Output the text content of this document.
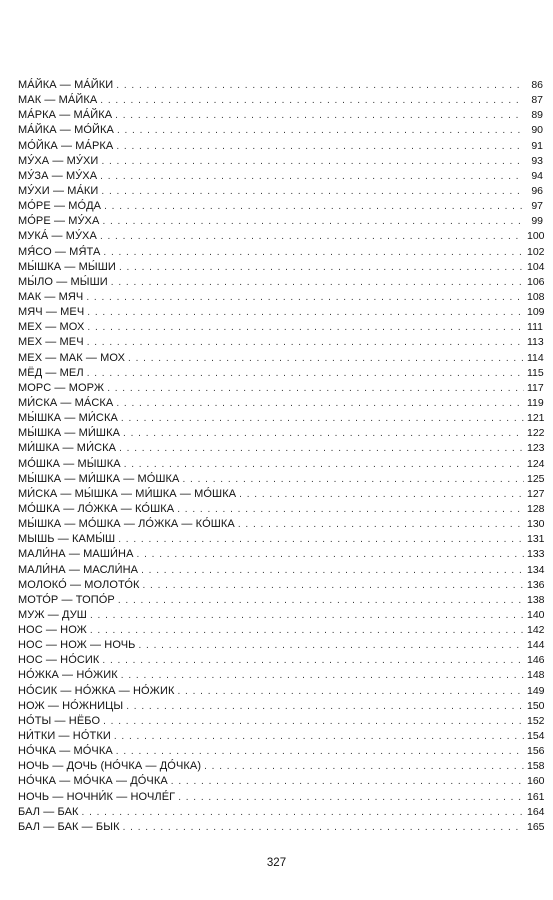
МА́ЙКА — МА́ЙКИ . . .	86
МАК — МА́ЙКА . . .	87
МА́РКА — МА́ЙКА . . .	89
МА́ЙКА — МО́ЙКА . . .	90
МО́ЙКА — МА́РКА . . .	91
МУ́ХА — МУ́ХИ . . .	93
МУ́ЗА — МУ́ХА . . .	94
МУ́ХИ — МА́КИ . . .	96
МО́РЕ — МО́ДА . . .	97
МО́РЕ — МУ́ХА . . .	99
МУКА́ — МУ́ХА . . .	100
МЯ́СО — МЯ́ТА . . .	102
МЫ́ШКА — МЫ́ШИ . . .	104
МЫ́ЛО — МЫ́ШИ . . .	106
МАК — МЯЧ . . .	108
МЯЧ — МЕЧ . . .	109
МЕХ — МОХ . . .	111
МЕХ — МЕЧ . . .	113
МЕХ — МАК — МОХ . . .	114
МЁД — МЕЛ . . .	115
МОРС — МОРЖ . . .	117
МИ́СКА — МА́СКА . . .	119
МЫ́ШКА — МИ́СКА . . .	121
МЫ́ШКА — МИ́ШКА . . .	122
МИ́ШКА — МИ́СКА . . .	123
МО́ШКА — МЫ́ШКА . . .	124
МЫ́ШКА — МИ́ШКА — МО́ШКА . . .	125
МИ́СКА — МЫ́ШКА — МИ́ШКА — МО́ШКА . . .	127
МО́ШКА — ЛО́ЖКА — КО́ШКА . . .	128
МЫ́ШКА — МО́ШКА — ЛО́ЖКА — КО́ШКА . . .	130
МЫШЬ — КАМЫ́Ш . . .	131
МАЛИ́НА — МАШИ́НА . . .	133
МАЛИ́НА — МАСЛИ́НА . . .	134
МОЛОКО́ — МОЛОТО́К . . .	136
МОТО́Р — ТОПО́Р . . .	138
МУЖ — ДУШ . . .	140
НОС — НОЖ . . .	142
НОС — НОЖ — НОЧЬ . . .	144
НОС — НО́СИК . . .	146
НО́ЖКА — НО́ЖИК . . .	148
НО́СИК — НО́ЖКА — НО́ЖИК . . .	149
НОЖ — НО́ЖНИЦЫ . . .	150
НО́ТЫ — НЁБО . . .	152
НИ́ТКИ — НО́ТКИ . . .	154
НО́ЧКА — МО́ЧКА . . .	156
НОЧЬ — ДОЧЬ (НО́ЧКА — ДО́ЧКА) . . .	158
НО́ЧКА — МО́ЧКА — ДО́ЧКА . . .	160
НОЧЬ — НОЧНИ́К — НОЧЛЕ́Г . . .	161
БАЛ — БАК . . .	164
БАЛ — БАК — БЫК . . .	165
327
